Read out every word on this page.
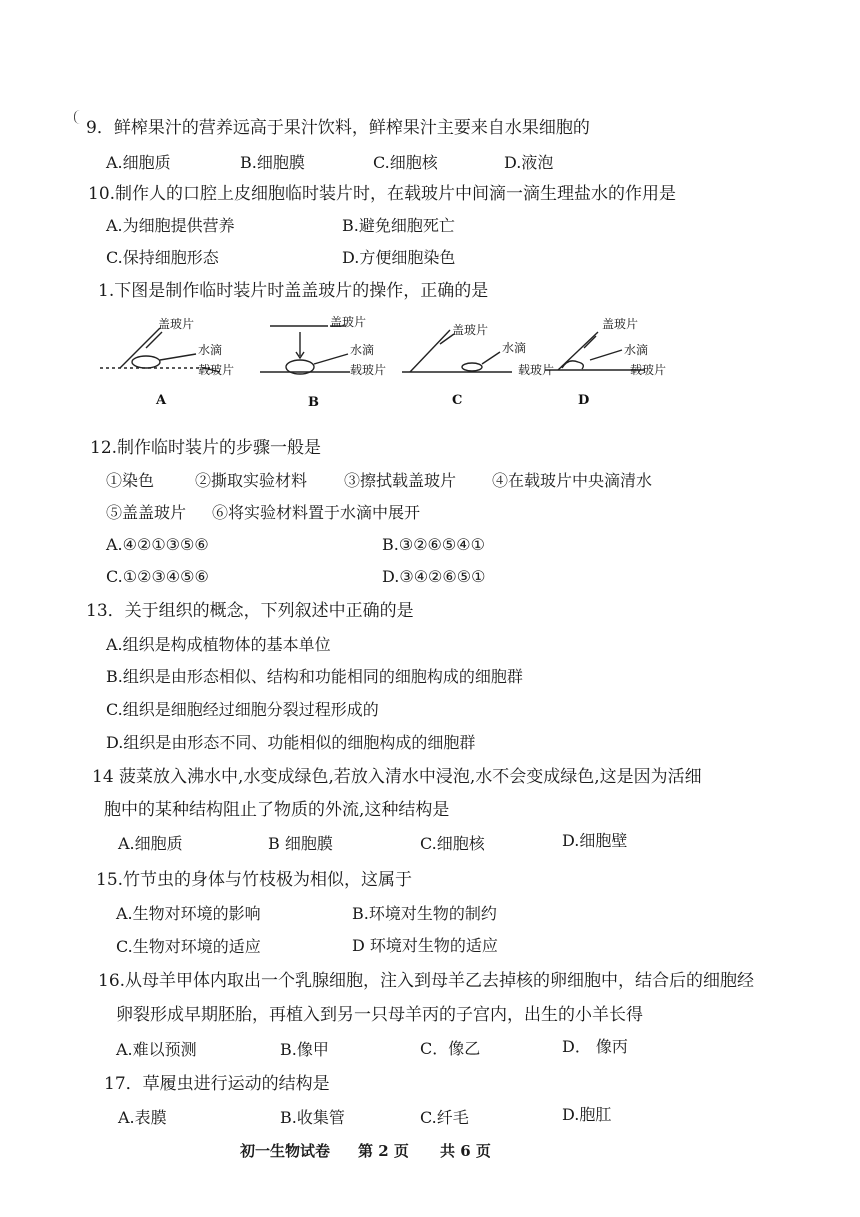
9．鲜榨果汁的营养远高于果汁饮料，鲜榨果汁主要来自水果细胞的
A.细胞质	B.细胞膜	C.细胞核	D.液泡
10.制作人的口腔上皮细胞临时装片时，在载玻片中间滴一滴生理盐水的作用是
A.为细胞提供营养	B.避免细胞死亡
C.保持细胞形态	D.方便细胞染色
1.下图是制作临时装片时盖盖玻片的操作，正确的是
盖玻片
水滴
载玻片
盖玻片
水滴
载玻片
盖玻片
水滴
载玻片
盖玻片
水滴
载玻片
A	B	C	D
12.制作临时装片的步骤一般是
①染色	②撕取实验材料 ③擦拭载盖玻片 ④在载玻片中央滴清水
⑤盖盖玻片 ⑥将实验材料置于水滴中展开
A.④②①③⑤⑥	B.③②⑥⑤④①
C.①②③④⑤⑥	D.③④②⑥⑤①
13．关于组织的概念，下列叙述中正确的是
A.组织是构成植物体的基本单位
B.组织是由形态相似、结构和功能相同的细胞构成的细胞群
C.组织是细胞经过细胞分裂过程形成的
D.组织是由形态不同、功能相似的细胞构成的细胞群
14 菠菜放入沸水中,水变成绿色,若放入清水中浸泡,水不会变成绿色,这是因为活细
胞中的某种结构阻止了物质的外流,这种结构是
A.细胞质	B 细胞膜	C.细胞核	D.细胞壁
15.竹节虫的身体与竹枝极为相似，这属于
A.生物对环境的影响	B.环境对生物的制约
C.生物对环境的适应	D 环境对生物的适应
16.从母羊甲体内取出一个乳腺细胞，注入到母羊乙去掉核的卵细胞中，结合后的细胞经
卵裂形成早期胚胎，再植入到另一只母羊丙的子宫内，出生的小羊长得
A.难以预测	B.像甲	C．像乙	D． 像丙
17．草履虫进行运动的结构是
A.表膜	B.收集管	C.纤毛	D.胞肛
初一生物试卷 第 2 页 共 6 页
